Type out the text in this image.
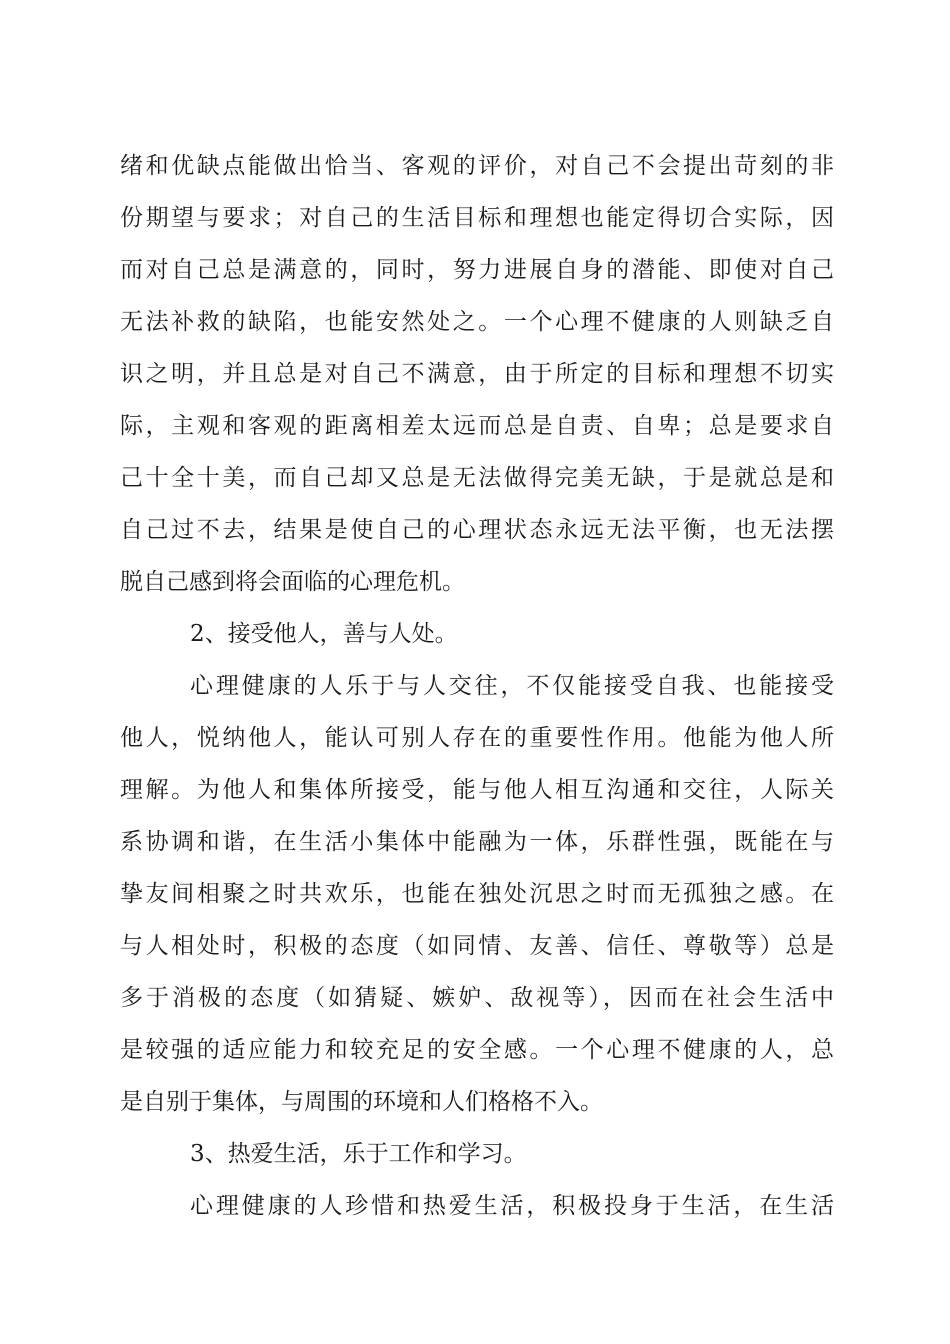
绪和优缺点能做出恰当、客观的评价，对自己不会提出苛刻的非
份期望与要求；对自己的生活目标和理想也能定得切合实际，因
而对自己总是满意的，同时，努力进展自身的潜能、即使对自己
无法补救的缺陷，也能安然处之。一个心理不健康的人则缺乏自
识之明，并且总是对自己不满意，由于所定的目标和理想不切实
际，主观和客观的距离相差太远而总是自责、自卑；总是要求自
己十全十美，而自己却又总是无法做得完美无缺，于是就总是和
自己过不去，结果是使自己的心理状态永远无法平衡，也无法摆
脱自己感到将会面临的心理危机。
2、接受他人，善与人处。
心理健康的人乐于与人交往，不仅能接受自我、也能接受
他人，悦纳他人，能认可别人存在的重要性作用。他能为他人所
理解。为他人和集体所接受，能与他人相互沟通和交往，人际关
系协调和谐，在生活小集体中能融为一体，乐群性强，既能在与
挚友间相聚之时共欢乐，也能在独处沉思之时而无孤独之感。在
与人相处时，积极的态度（如同情、友善、信任、尊敬等）总是
多于消极的态度（如猜疑、嫉妒、敌视等），因而在社会生活中
是较强的适应能力和较充足的安全感。一个心理不健康的人，总
是自别于集体，与周围的环境和人们格格不入。
3、热爱生活，乐于工作和学习。
心理健康的人珍惜和热爱生活，积极投身于生活，在生活
